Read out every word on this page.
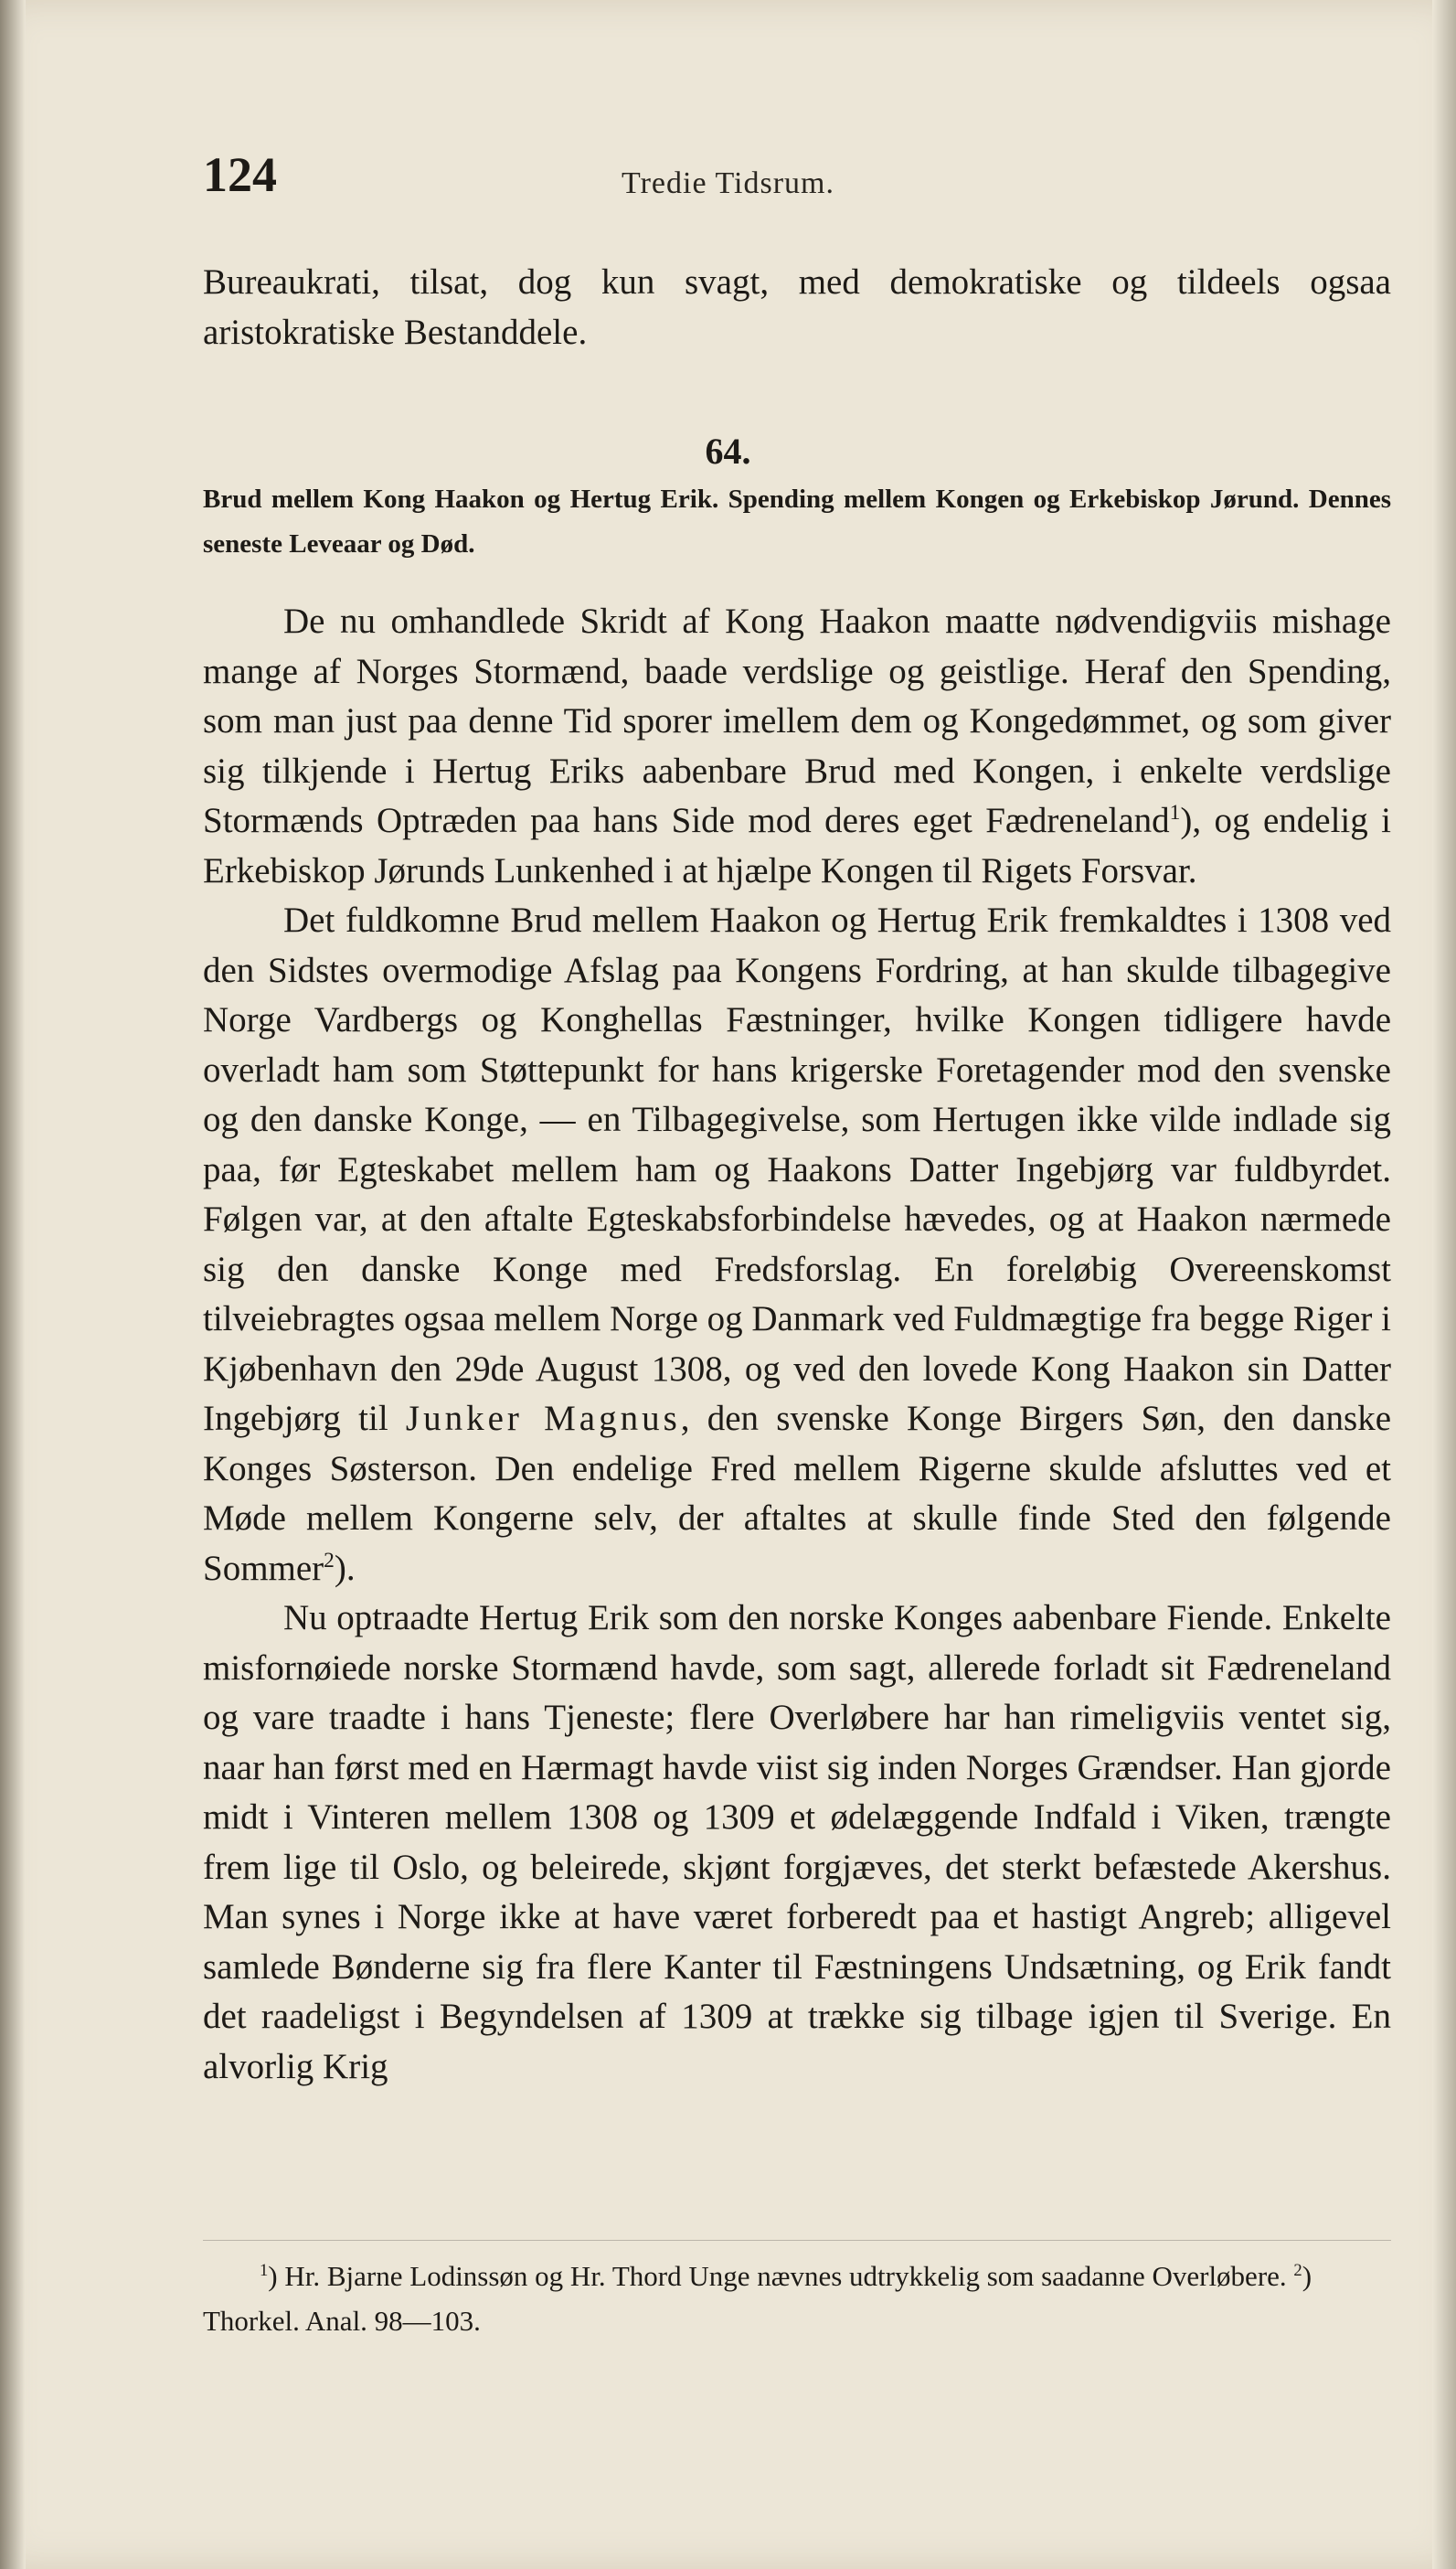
124	Tredie Tidsrum.

Bureaukrati, tilsat, dog kun svagt, med demokratiske og tildeels ogsaa aristokratiske Bestanddele.

64.
Brud mellem Kong Haakon og Hertug Erik. Spending mellem Kongen og Erkebiskop Jørund. Dennes seneste Leveaar og Død.

De nu omhandlede Skridt af Kong Haakon maatte nødvendigviis mishage mange af Norges Stormænd, baade verdslige og geistlige. Heraf den Spending, som man just paa denne Tid sporer imellem dem og Kongedømmet, og som giver sig tilkjende i Hertug Eriks aabenbare Brud med Kongen, i enkelte verdslige Stormænds Optræden paa hans Side mod deres eget Fædreneland$^1$), og endelig i Erkebiskop Jørunds Lunkenhed i at hjælpe Kongen til Rigets Forsvar.

Det fuldkomne Brud mellem Haakon og Hertug Erik fremkaldtes i 1308 ved den Sidstes overmodige Afslag paa Kongens Fordring, at han skulde tilbagegive Norge Vardbergs og Konghellas Fæstninger, hvilke Kongen tidligere havde overladt ham som Støttepunkt for hans krigerske Foretagender mod den svenske og den danske Konge, — en Tilbagegivelse, som Hertugen ikke vilde indlade sig paa, før Egteskabet mellem ham og Haakons Datter Ingebjørg var fuldbyrdet. Følgen var, at den aftalte Egteskabsforbindelse hævedes, og at Haakon nærmede sig den danske Konge med Fredsforslag. En foreløbig Overeenskomst tilveiebragtes ogsaa mellem Norge og Danmark ved Fuldmægtige fra begge Riger i Kjøbenhavn den 29de August 1308, og ved den lovede Kong Haakon sin Datter Ingebjørg til Junker Magnus, den svenske Konge Birgers Søn, den danske Konges Søsterson. Den endelige Fred mellem Rigerne skulde afsluttes ved et Møde mellem Kongerne selv, der aftaltes at skulle finde Sted den følgende Sommer$^2$).

Nu optraadte Hertug Erik som den norske Konges aabenbare Fiende. Enkelte misfornøiede norske Stormænd havde, som sagt, allerede forladt sit Fædreneland og vare traadte i hans Tjeneste; flere Overløbere har han rimeligviis ventet sig, naar han først med en Hærmagt havde viist sig inden Norges Grændser. Han gjorde midt i Vinteren mellem 1308 og 1309 et ødelæggende Indfald i Viken, trængte frem lige til Oslo, og beleirede, skjønt forgjæves, det sterkt befæstede Akershus. Man synes i Norge ikke at have været forberedt paa et hastigt Angreb; alligevel samlede Bønderne sig fra flere Kanter til Fæstningens Undsætning, og Erik fandt det raadeligst i Begyndelsen af 1309 at trække sig tilbage igjen til Sverige. En alvorlig Krig

$^1$) Hr. Bjarne Lodinssøn og Hr. Thord Unge nævnes udtrykkelig som saadanne Overløbere. $^2$) Thorkel. Anal. 98—103.
